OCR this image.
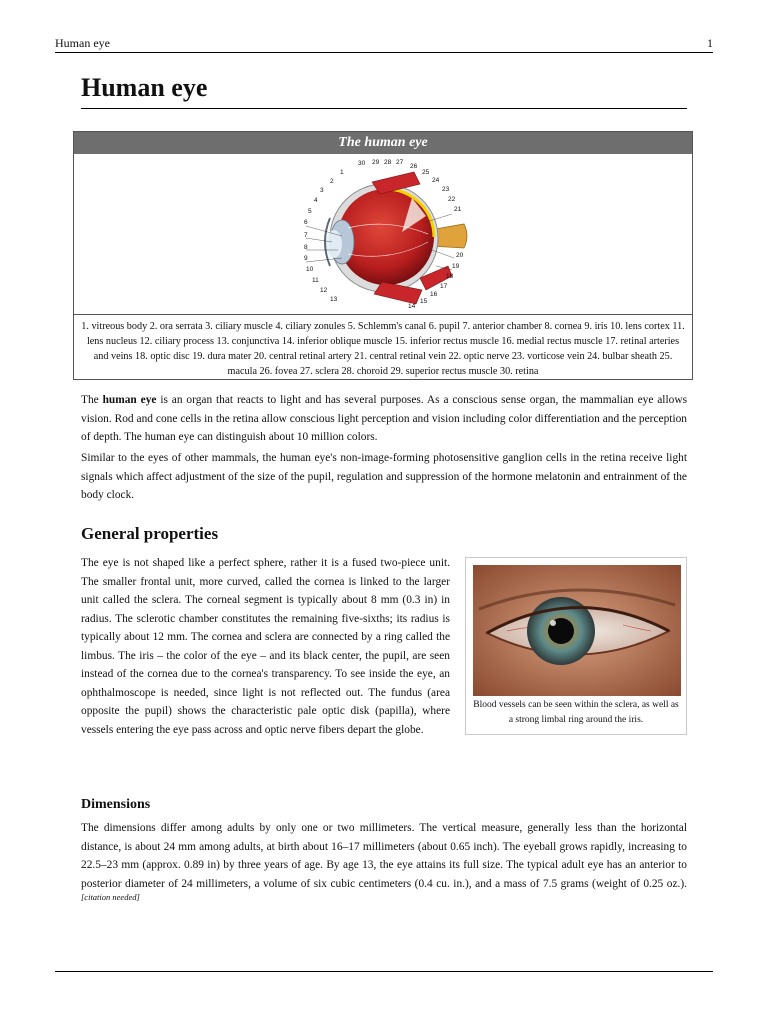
Human eye	1
Human eye
The human eye
1
2
3
4
5
6
7
8
9
10
11
12
13
14
15
16
17
18
19
20
21
22
23
24
25
26
27
28
29
30
1. vitreous body 2. ora serrata 3. ciliary muscle 4. ciliary zonules 5. Schlemm's canal 6. pupil 7. anterior chamber 8. cornea 9. iris 10. lens cortex 11. lens nucleus 12. ciliary process 13. conjunctiva 14. inferior oblique muscle 15. inferior rectus muscle 16. medial rectus muscle 17. retinal arteries and veins 18. optic disc 19. dura mater 20. central retinal artery 21. central retinal vein 22. optic nerve 23. vorticose vein 24. bulbar sheath 25. macula 26. fovea 27. sclera 28. choroid 29. superior rectus muscle 30. retina

The human eye is an organ that reacts to light and has several purposes. As a conscious sense organ, the mammalian eye allows vision. Rod and cone cells in the retina allow conscious light perception and vision including color differentiation and the perception of depth. The human eye can distinguish about 10 million colors.

Similar to the eyes of other mammals, the human eye's non-image-forming photosensitive ganglion cells in the retina receive light signals which affect adjustment of the size of the pupil, regulation and suppression of the hormone melatonin and entrainment of the body clock.

General properties

The eye is not shaped like a perfect sphere, rather it is a fused two-piece unit. The smaller frontal unit, more curved, called the cornea is linked to the larger unit called the sclera. The corneal segment is typically about 8 mm (0.3 in) in radius. The sclerotic chamber constitutes the remaining five-sixths; its radius is typically about 12 mm. The cornea and sclera are connected by a ring called the limbus. The iris – the color of the eye – and its black center, the pupil, are seen instead of the cornea due to the cornea's transparency. To see inside the eye, an ophthalmoscope is needed, since light is not reflected out. The fundus (area opposite the pupil) shows the characteristic pale optic disk (papilla), where vessels entering the eye pass across and optic nerve fibers depart the globe.

Blood vessels can be seen within the sclera, as well as a strong limbal ring around the iris.
Dimensions

The dimensions differ among adults by only one or two millimeters. The vertical measure, generally less than the horizontal distance, is about 24 mm among adults, at birth about 16–17 millimeters (about 0.65 inch). The eyeball grows rapidly, increasing to 22.5–23 mm (approx. 0.89 in) by three years of age. By age 13, the eye attains its full size. The typical adult eye has an anterior to posterior diameter of 24 millimeters, a volume of six cubic centimeters (0.4 cu. in.), and a mass of 7.5 grams (weight of 0.25 oz.).[citation needed]
